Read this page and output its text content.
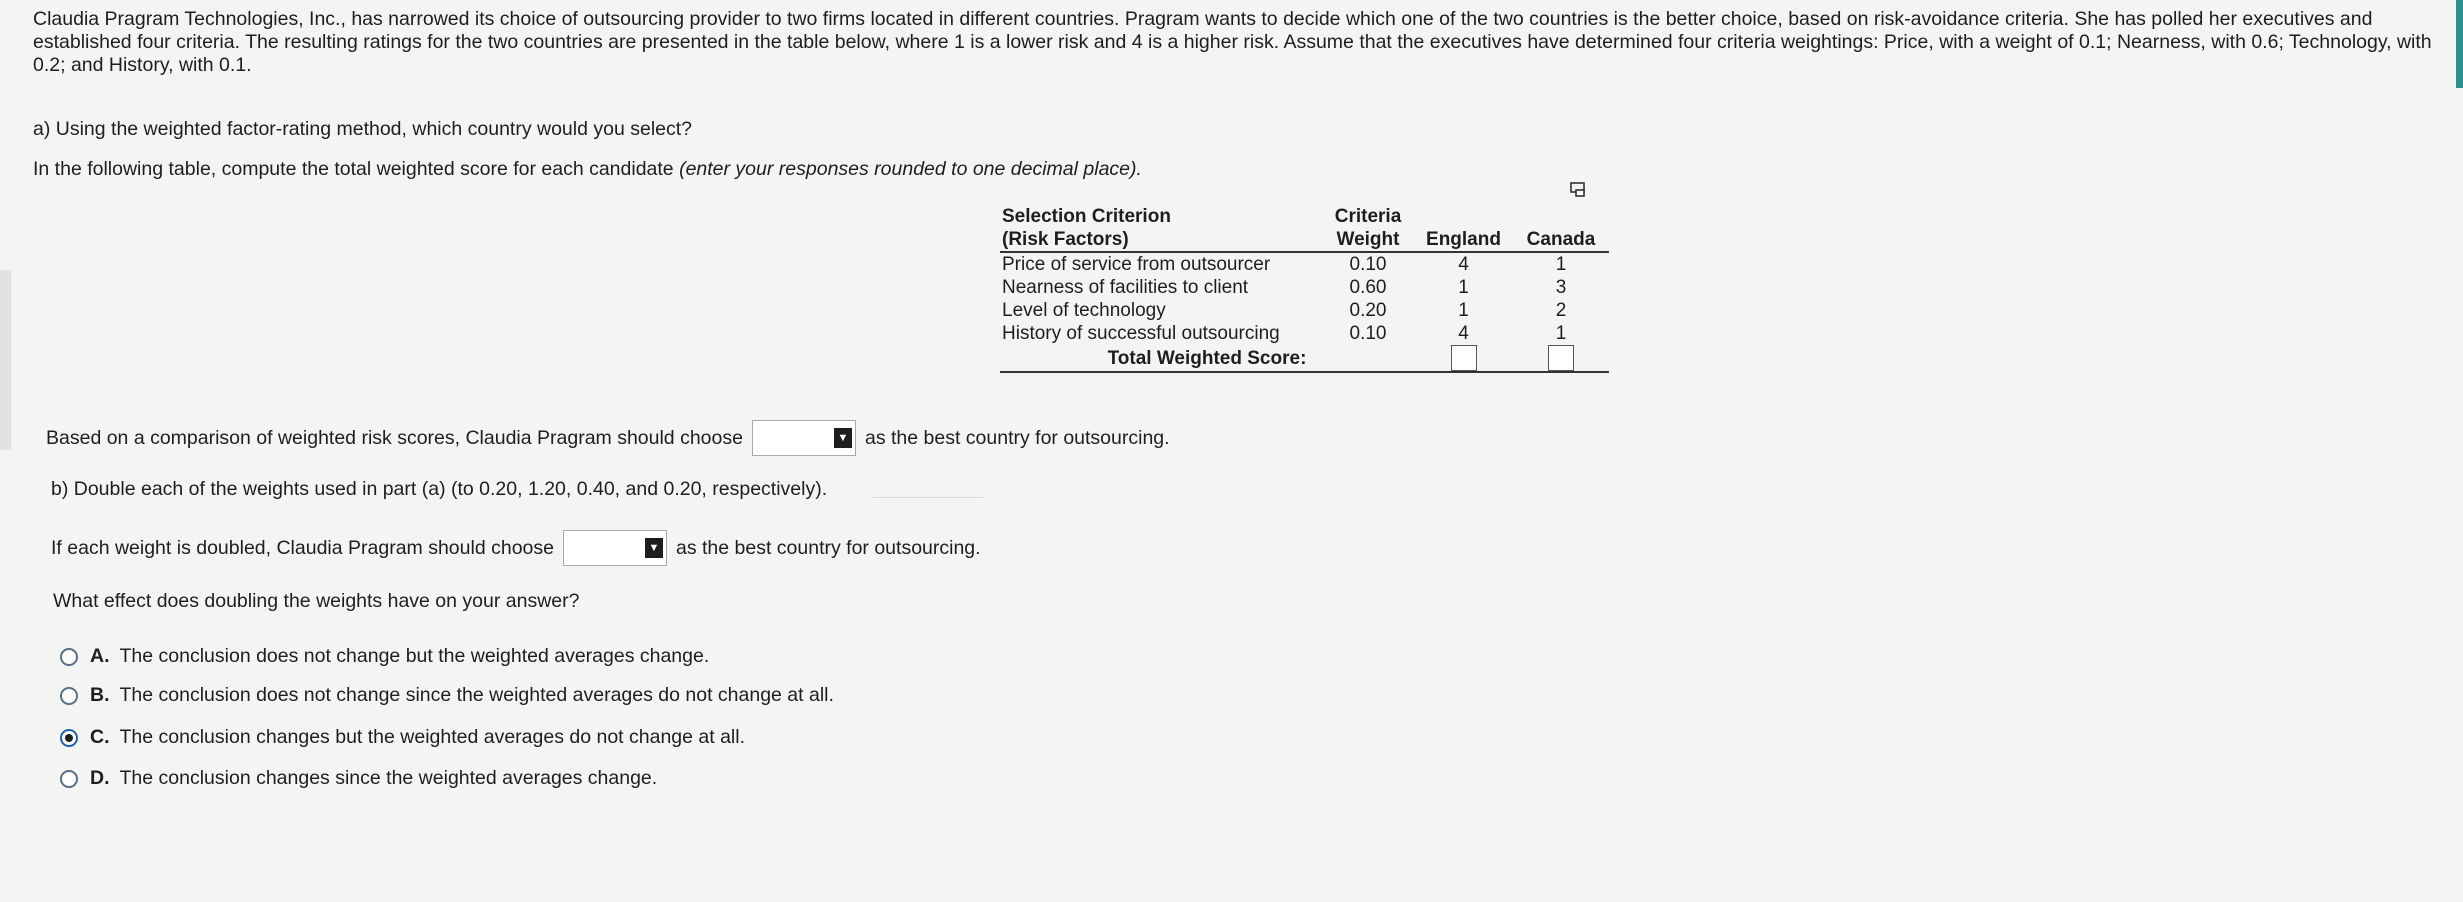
Claudia Pragram Technologies, Inc., has narrowed its choice of outsourcing provider to two firms located in different countries. Pragram wants to decide which one of the two countries is the better choice, based on risk-avoidance criteria. She has polled her executives and established four criteria. The resulting ratings for the two countries are presented in the table below, where 1 is a lower risk and 4 is a higher risk. Assume that the executives have determined four criteria weightings: Price, with a weight of 0.1; Nearness, with 0.6; Technology, with 0.2; and History, with 0.1.

a) Using the weighted factor-rating method, which country would you select?

In the following table, compute the total weighted score for each candidate (enter your responses rounded to one decimal place).

Selection Criterion	Criteria		
(Risk Factors)	Weight	England	Canada
Price of service from outsourcer	0.10	4	1
Nearness of facilities to client	0.60	1	3
Level of technology	0.20	1	2
History of successful outsourcing	0.10	4	1
Total Weighted Score:			

Based on a comparison of weighted risk scores, Claudia Pragram should choose	▼ as the best country for outsourcing.

b) Double each of the weights used in part (a) (to 0.20, 1.20, 0.40, and 0.20, respectively).

If each weight is doubled, Claudia Pragram should choose	▼ as the best country for outsourcing.

What effect does doubling the weights have on your answer?

A. The conclusion does not change but the weighted averages change.
B. The conclusion does not change since the weighted averages do not change at all.
C. The conclusion changes but the weighted averages do not change at all.
D. The conclusion changes since the weighted averages change.
